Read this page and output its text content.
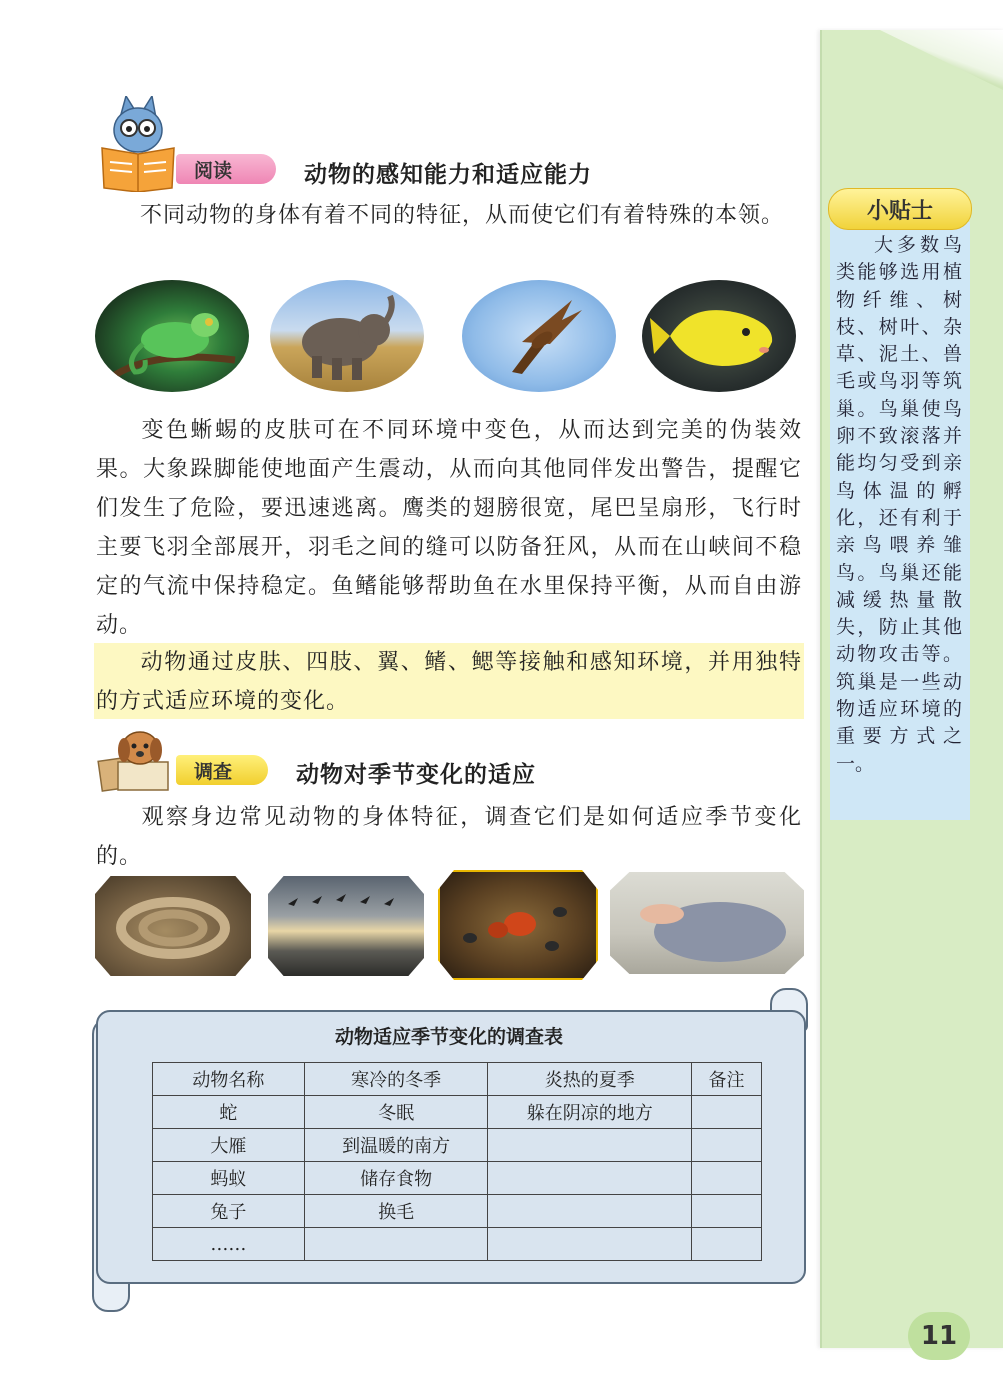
小贴士
大多数鸟类能够选用植物纤维、树枝、树叶、杂草、泥土、兽毛或鸟羽等筑巢。鸟巢使鸟卵不致滚落并能均匀受到亲鸟体温的孵化，还有利于亲鸟喂养雏鸟。鸟巢还能减缓热量散失，防止其他动物攻击等。筑巢是一些动物适应环境的重要方式之一。
11
阅读	动物的感知能力和适应能力
不同动物的身体有着不同的特征，从而使它们有着特殊的本领。
变色蜥蜴的皮肤可在不同环境中变色，从而达到完美的伪装效果。大象跺脚能使地面产生震动，从而向其他同伴发出警告，提醒它们发生了危险，要迅速逃离。鹰类的翅膀很宽，尾巴呈扇形，飞行时主要飞羽全部展开，羽毛之间的缝可以防备狂风，从而在山峡间不稳定的气流中保持稳定。鱼鳍能够帮助鱼在水里保持平衡，从而自由游动。
动物通过皮肤、四肢、翼、鳍、鳃等接触和感知环境，并用独特的方式适应环境的变化。
调查	动物对季节变化的适应
观察身边常见动物的身体特征，调查它们是如何适应季节变化的。
动物适应季节变化的调查表
动物名称	寒冷的冬季	炎热的夏季	备注
蛇	冬眠	躲在阴凉的地方	
大雁	到温暖的南方		
蚂蚁	储存食物		
兔子	换毛		
……			
